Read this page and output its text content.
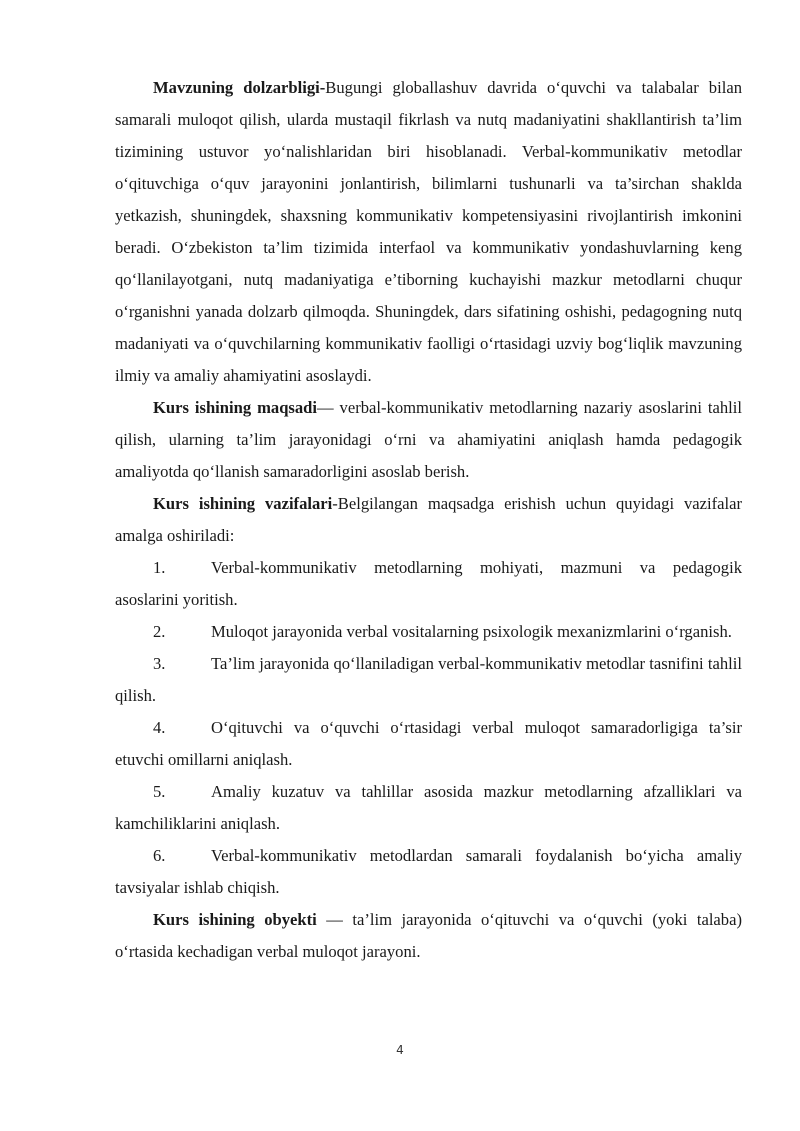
Mavzuning dolzarbligi-Bugungi globallashuv davrida o‘quvchi va talabalar bilan samarali muloqot qilish, ularda mustaqil fikrlash va nutq madaniyatini shakllantirish ta’lim tizimining ustuvor yo‘nalishlaridan biri hisoblanadi. Verbal-kommunikativ metodlar o‘qituvchiga o‘quv jarayonini jonlantirish, bilimlarni tushunarli va ta’sirchan shaklda yetkazish, shuningdek, shaxsning kommunikativ kompetensiyasini rivojlantirish imkonini beradi. O‘zbekiston ta’lim tizimida interfaol va kommunikativ yondashuvlarning keng qo‘llanilayotgani, nutq madaniyatiga e’tiborning kuchayishi mazkur metodlarni chuqur o‘rganishni yanada dolzarb qilmoqda. Shuningdek, dars sifatining oshishi, pedagogning nutq madaniyati va o‘quvchilarning kommunikativ faolligi o‘rtasidagi uzviy bog‘liqlik mavzuning ilmiy va amaliy ahamiyatini asoslaydi.

Kurs ishining maqsadi— verbal-kommunikativ metodlarning nazariy asoslarini tahlil qilish, ularning ta’lim jarayonidagi o‘rni va ahamiyatini aniqlash hamda pedagogik amaliyotda qo‘llanish samaradorligini asoslab berish.

Kurs ishining vazifalari-Belgilangan maqsadga erishish uchun quyidagi vazifalar amalga oshiriladi:

1.	Verbal-kommunikativ metodlarning mohiyati, mazmuni va pedagogik asoslarini yoritish.

2.	Muloqot jarayonida verbal vositalarning psixologik mexanizmlarini o‘rganish.

3.	Ta’lim jarayonida qo‘llaniladigan verbal-kommunikativ metodlar tasnifini tahlil qilish.

4.	O‘qituvchi va o‘quvchi o‘rtasidagi verbal muloqot samaradorligiga ta’sir etuvchi omillarni aniqlash.

5.	Amaliy kuzatuv va tahlillar asosida mazkur metodlarning afzalliklari va kamchiliklarini aniqlash.

6.	Verbal-kommunikativ metodlardan samarali foydalanish bo‘yicha amaliy tavsiyalar ishlab chiqish.

Kurs ishining obyekti — ta’lim jarayonida o‘qituvchi va o‘quvchi (yoki talaba) o‘rtasida kechadigan verbal muloqot jarayoni.

4
